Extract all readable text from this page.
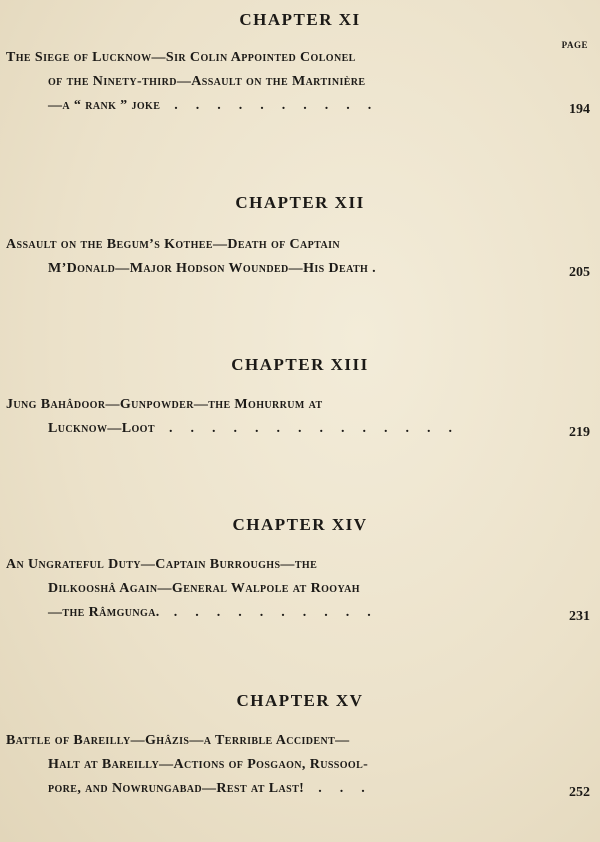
PAGE
CHAPTER XI
The Siege of Lucknow—Sir Colin Appointed Colonel
of the Ninety-third—Assault on the Martinière
—a “ rank ” joke	..........	194
CHAPTER XII
Assault on the Begum’s Kothee—Death of Captain
M’Donald—Major Hodson Wounded—His Death .	205
CHAPTER XIII
Jung Bahâdoor—Gunpowder—the Mohurrum at
Lucknow—Loot	..............	219
CHAPTER XIV
An Ungrateful Duty—Captain Burroughs—the
Dilkooshâ Again—General Walpole at Rooyah
—the Râmgunga.	..........	231
CHAPTER XV
Battle of Bareilly—Ghâzis—a Terrible Accident—
Halt at Bareilly—Actions of Posgaon, Russool-
pore, and Nowrungabad—Rest at Last!	...	252
